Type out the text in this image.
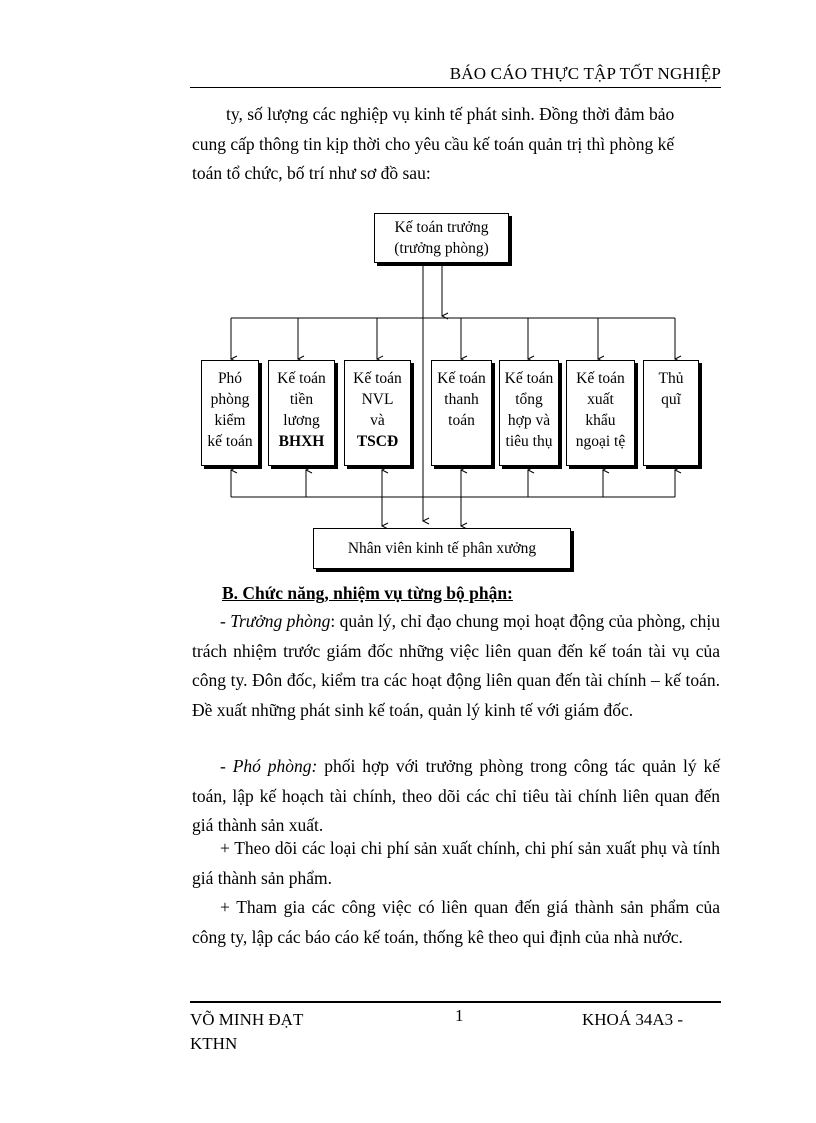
BÁO CÁO THỰC TẬP TỐT NGHIỆP
ty, số lượng các nghiệp vụ kinh tế phát sinh. Đồng thời đảm bảo
cung cấp thông tin kịp thời cho yêu cầu kế toán quản trị thì phòng kế
toán tổ chức, bố trí như sơ đồ sau:
Kế toán trưởng
(trưởng phòng)
Phó
phòng
kiểm
kế toán
Kế toán
tiền
lương
BHXH
Kế toán
NVL
và
TSCĐ
Kế toán
thanh
toán
Kế toán
tổng
hợp và
tiêu thụ
Kế toán
xuất
khẩu
ngoại tệ
Thủ
quĩ
Nhân viên kinh tế phân xưởng
B. Chức năng, nhiệm vụ từng bộ phận:
- Trưởng phòng: quản lý, chỉ đạo chung mọi hoạt động của phòng, chịu trách nhiệm trước giám đốc những việc liên quan đến kế toán tài vụ của công ty. Đôn đốc, kiểm tra các hoạt động liên quan đến tài chính – kế toán. Đề xuất những phát sinh kế toán, quản lý kinh tế với giám đốc.
- Phó phòng: phối hợp với trưởng phòng trong công tác quản lý kế toán, lập kế hoạch tài chính, theo dõi các chỉ tiêu tài chính liên quan đến giá thành sản xuất.
+ Theo dõi các loại chi phí sản xuất chính, chi phí sản xuất phụ và tính giá thành sản phẩm.
+ Tham gia các công việc có liên quan đến giá thành sản phẩm của công ty, lập các báo cáo kế toán, thống kê theo qui định của nhà nước.
VÕ MINH ĐẠT
KTHN
1	KHOÁ 34A3 -
